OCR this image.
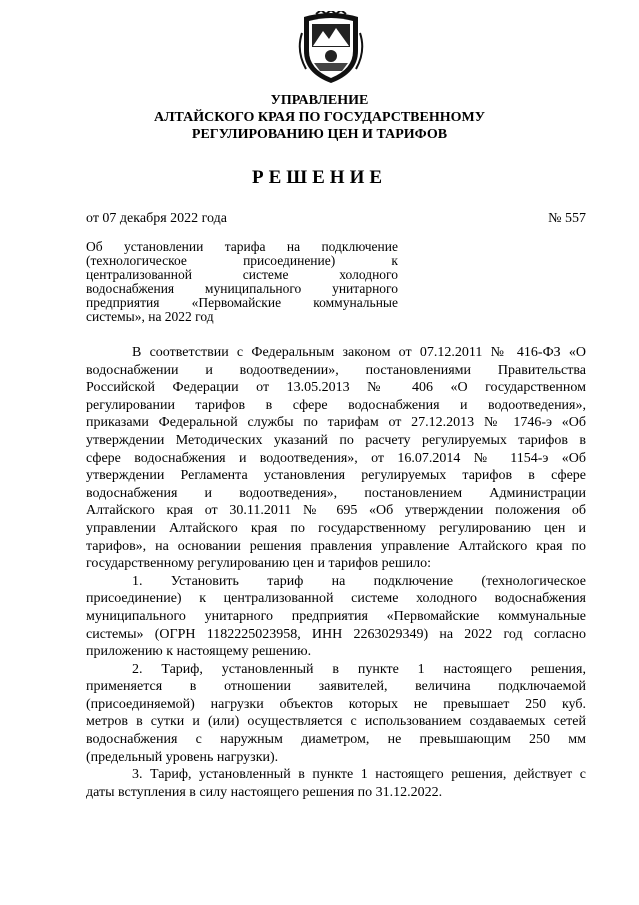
УПРАВЛЕНИЕ
АЛТАЙСКОГО КРАЯ ПО ГОСУДАРСТВЕННОМУ
РЕГУЛИРОВАНИЮ ЦЕН И ТАРИФОВ
РЕШЕНИЕ
от 07 декабря 2022 года	№ 557
Об установлении тарифа на подключение
(технологическое присоединение) к
централизованной системе холодного
водоснабжения муниципального унитарного
предприятия «Первомайские коммунальные
системы», на 2022 год
В соответствии с Федеральным законом от 07.12.2011 № 416-ФЗ «О
водоснабжении и водоотведении», постановлениями Правительства
Российской Федерации от 13.05.2013 № 406 «О государственном
регулировании тарифов в сфере водоснабжения и водоотведения»,
приказами Федеральной службы по тарифам от 27.12.2013 № 1746-э «Об
утверждении Методических указаний по расчету регулируемых тарифов в
сфере водоснабжения и водоотведения», от 16.07.2014 № 1154-э «Об
утверждении Регламента установления регулируемых тарифов в сфере
водоснабжения и водоотведения», постановлением Администрации
Алтайского края от 30.11.2011 № 695 «Об утверждении положения об
управлении Алтайского края по государственному регулированию цен и
тарифов», на основании решения правления управление Алтайского края по
государственному регулированию цен и тарифов решило:
1. Установить тариф на подключение (технологическое
присоединение) к централизованной системе холодного водоснабжения
муниципального унитарного предприятия «Первомайские коммунальные
системы» (ОГРН 1182225023958, ИНН 2263029349) на 2022 год согласно
приложению к настоящему решению.
2. Тариф, установленный в пункте 1 настоящего решения,
применяется в отношении заявителей, величина подключаемой
(присоединяемой) нагрузки объектов которых не превышает 250 куб.
метров в сутки и (или) осуществляется с использованием создаваемых сетей
водоснабжения с наружным диаметром, не превышающим 250 мм
(предельный уровень нагрузки).
3. Тариф, установленный в пункте 1 настоящего решения, действует с
даты вступления в силу настоящего решения по 31.12.2022.
